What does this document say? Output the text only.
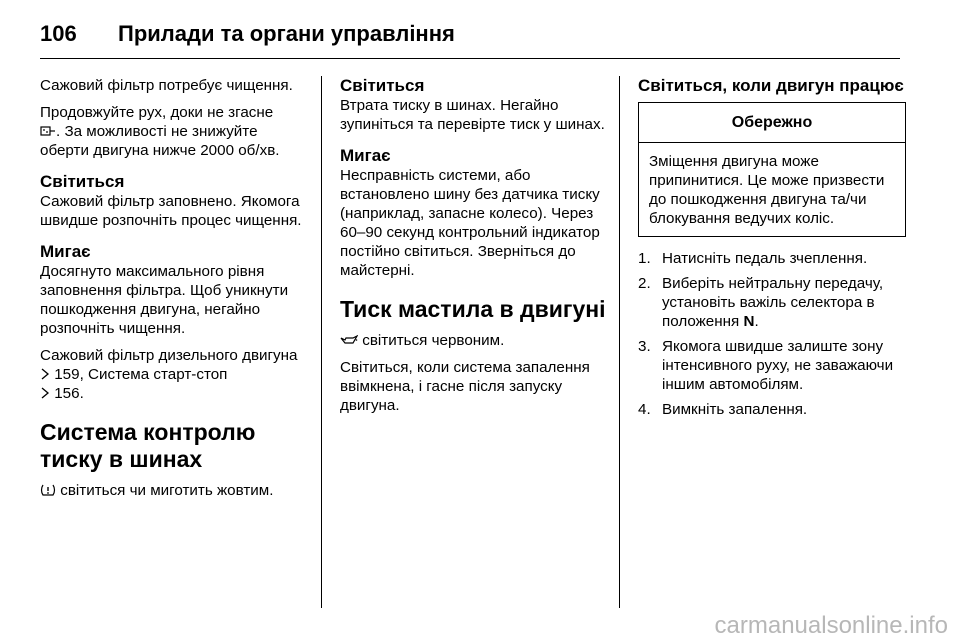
106	Прилади та органи управління

Сажовий фільтр потребує чищення.

Продовжуйте рух, доки не згасне
. За можливості не знижуйте оберти двигуна нижче 2000 об/хв.

Світиться

Сажовий фільтр заповнено. Якомога швидше розпочніть процес чищення.

Мигає

Досягнуто максимального рівня заповнення фільтра. Щоб уникнути пошкодження двигуна, негайно розпочніть чищення.

Сажовий фільтр дизельного двигуна  159, Система старт-стоп
156.

Система контролю тиску в шинах

світиться чи миготить жовтим.

Світиться

Втрата тиску в шинах. Негайно зупиніться та перевірте тиск у шинах.

Мигає

Несправність системи, або встановлено шину без датчика тиску (наприклад, запасне колесо). Через 60–90 секунд контрольний індикатор постійно світиться. Зверніться до майстерні.

Тиск мастила в двигуні

світиться червоним.

Світиться, коли система запалення ввімкнена, і гасне після запуску двигуна.

Світиться, коли двигун працює
Обережно
Зміщення двигуна може припинитися. Це може призвести до пошкодження двигуна та/чи блокування ведучих коліс.
1. Натисніть педаль зчеплення.
2. Виберіть нейтральну передачу, установіть важіль селектора в положення N.
3. Якомога швидше залиште зону інтенсивного руху, не заважаючи іншим автомобілям.
4. Вимкніть запалення.
carmanualsonline.info
